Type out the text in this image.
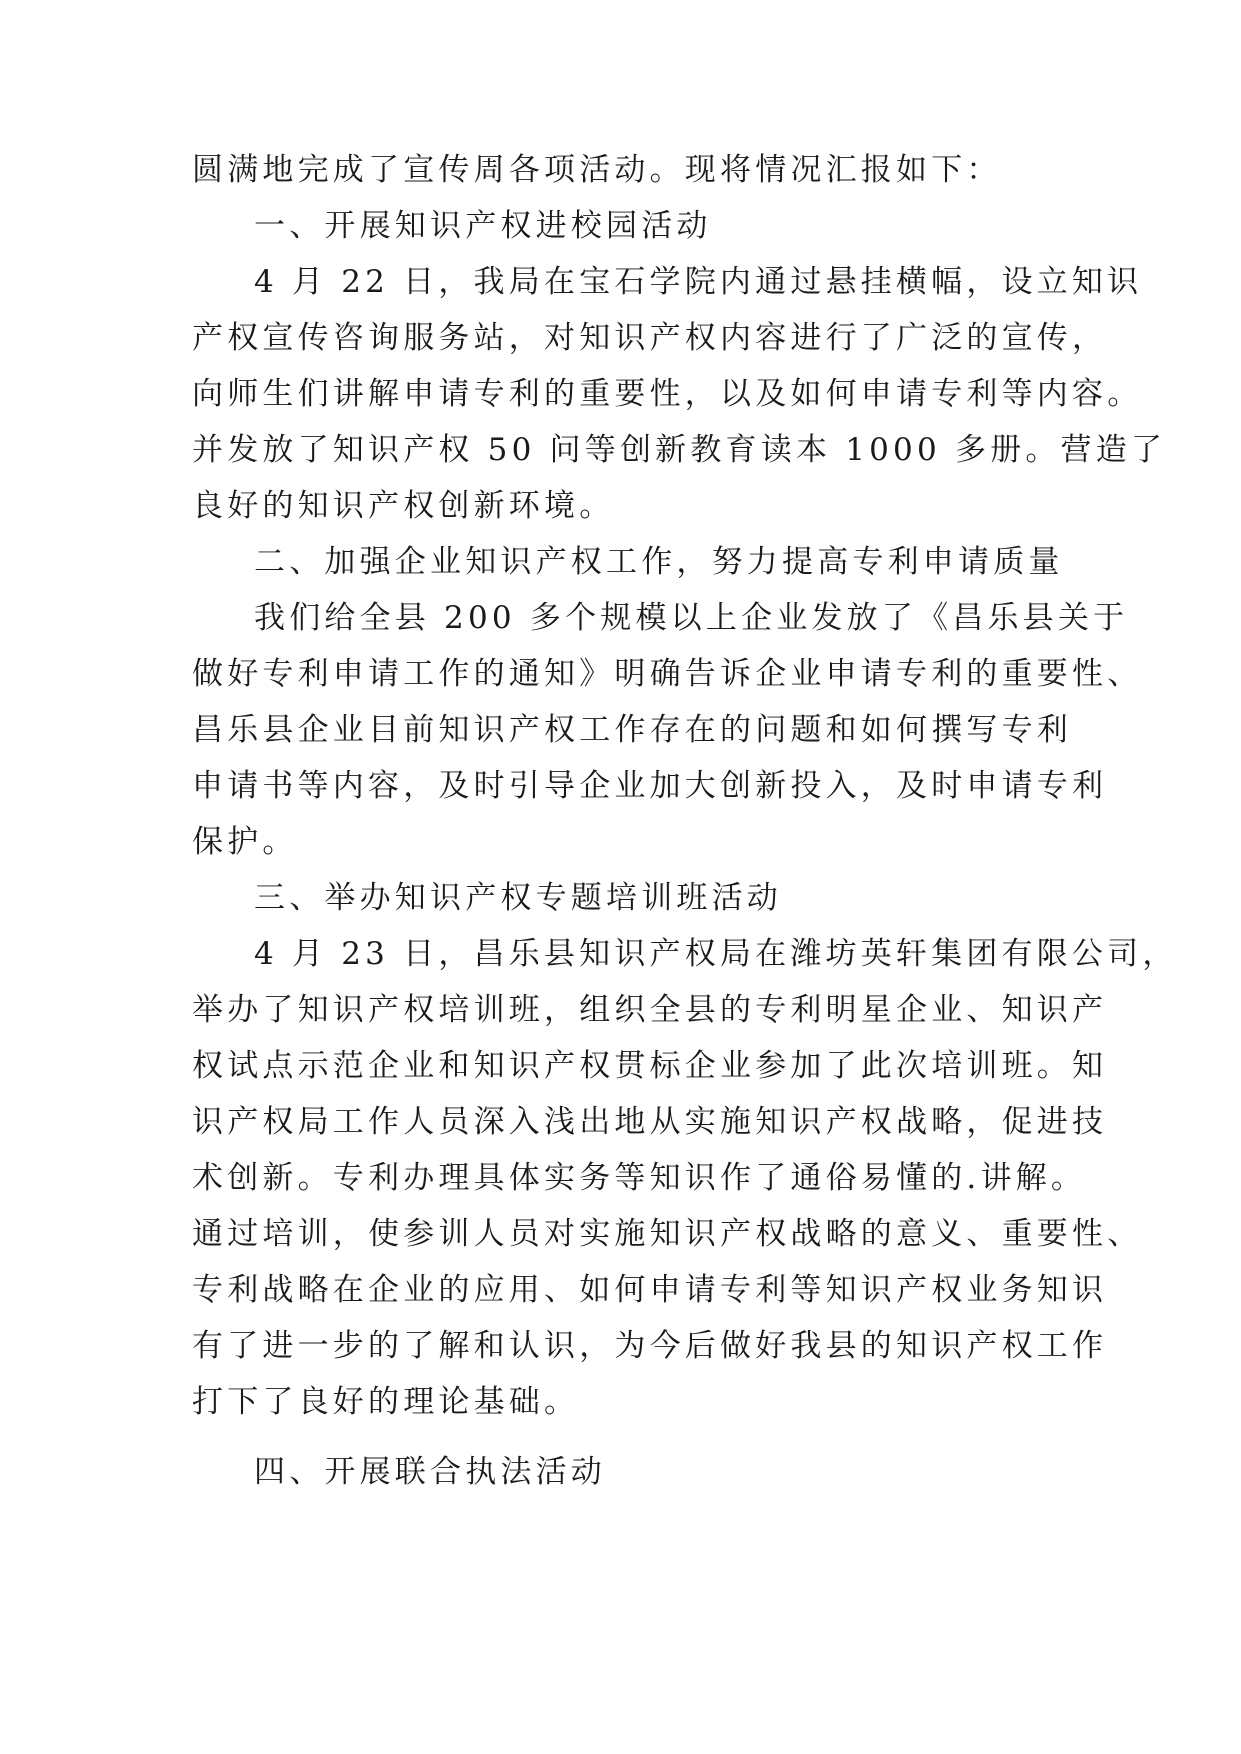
圆满地完成了宣传周各项活动。现将情况汇报如下：
一、开展知识产权进校园活动
4 月 22 日，我局在宝石学院内通过悬挂横幅，设立知识
产权宣传咨询服务站，对知识产权内容进行了广泛的宣传，
向师生们讲解申请专利的重要性，以及如何申请专利等内容。
并发放了知识产权 50 问等创新教育读本 1000 多册。营造了
良好的知识产权创新环境。
二、加强企业知识产权工作，努力提高专利申请质量
我们给全县 200 多个规模以上企业发放了《昌乐县关于
做好专利申请工作的通知》明确告诉企业申请专利的重要性、
昌乐县企业目前知识产权工作存在的问题和如何撰写专利
申请书等内容，及时引导企业加大创新投入，及时申请专利
保护。
三、举办知识产权专题培训班活动
4 月 23 日，昌乐县知识产权局在潍坊英轩集团有限公司，
举办了知识产权培训班，组织全县的专利明星企业、知识产
权试点示范企业和知识产权贯标企业参加了此次培训班。知
识产权局工作人员深入浅出地从实施知识产权战略，促进技
术创新。专利办理具体实务等知识作了通俗易懂的.讲解。
通过培训，使参训人员对实施知识产权战略的意义、重要性、
专利战略在企业的应用、如何申请专利等知识产权业务知识
有了进一步的了解和认识，为今后做好我县的知识产权工作
打下了良好的理论基础。
四、开展联合执法活动
